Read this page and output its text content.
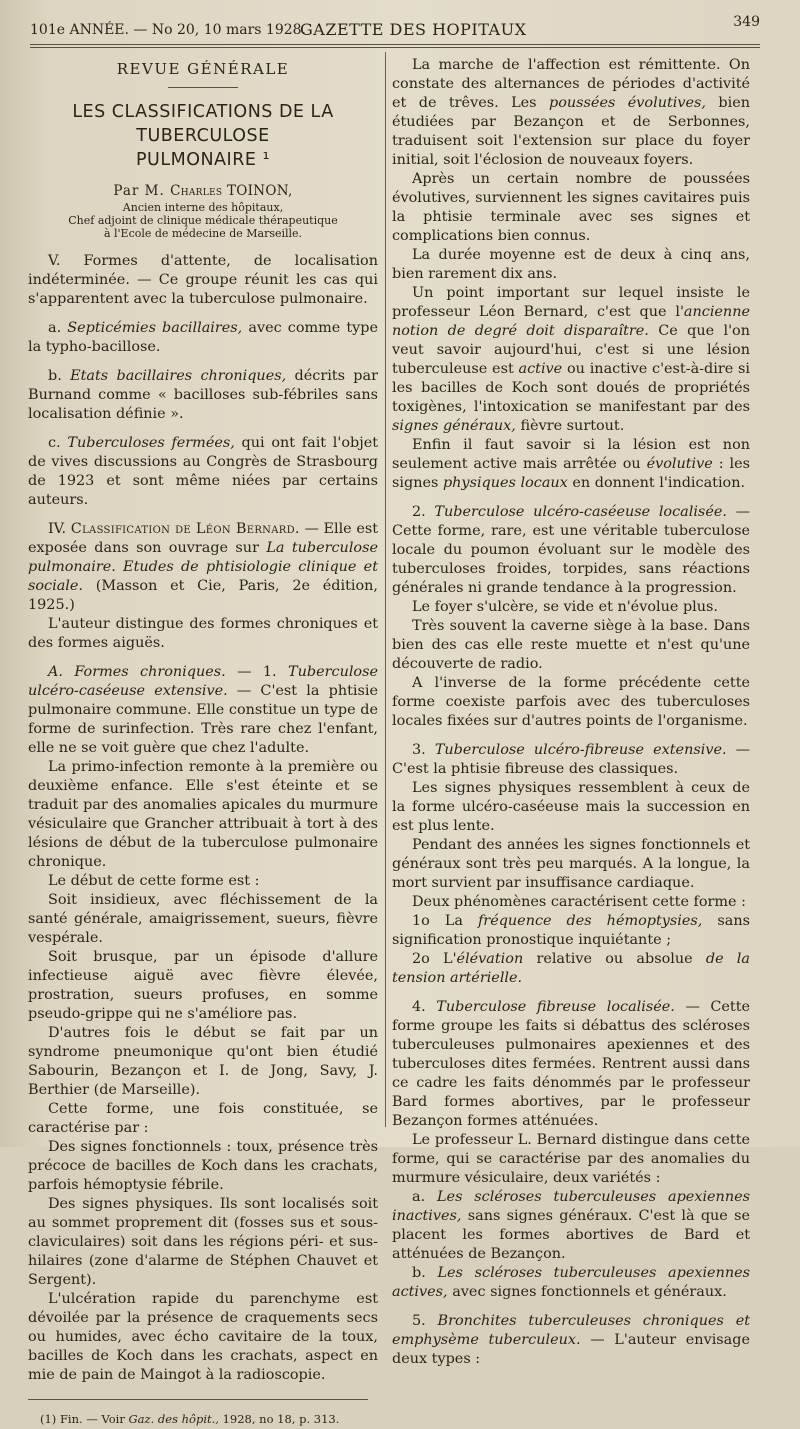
101e ANNÉE. — No 20, 10 mars 1928.
GAZETTE DES HOPITAUX	349

REVUE GÉNÉRALE

LES CLASSIFICATIONS DE LA TUBERCULOSE

PULMONAIRE ¹

Par M. Charles TOINON,

Ancien interne des hôpitaux,

Chef adjoint de clinique médicale thérapeutique

à l'Ecole de médecine de Marseille.

V. Formes d'attente, de localisation indéterminée. — Ce groupe réunit les cas qui s'apparentent avec la tuberculose pulmonaire.

a. Septicémies bacillaires, avec comme type la typho-bacillose.

b. Etats bacillaires chroniques, décrits par Burnand comme « bacilloses sub-fébriles sans localisation définie ».

c. Tuberculoses fermées, qui ont fait l'objet de vives discussions au Congrès de Strasbourg de 1923 et sont même niées par certains auteurs.

IV. Classification de Léon Bernard. — Elle est exposée dans son ouvrage sur La tuberculose pulmonaire. Etudes de phtisiologie clinique et sociale. (Masson et Cie, Paris, 2e édition, 1925.)

L'auteur distingue des formes chroniques et des formes aiguës.

A. Formes chroniques. — 1. Tuberculose ulcéro-caséeuse extensive. — C'est la phtisie pulmonaire commune. Elle constitue un type de forme de surinfection. Très rare chez l'enfant, elle ne se voit guère que chez l'adulte.

La primo-infection remonte à la première ou deuxième enfance. Elle s'est éteinte et se traduit par des anomalies apicales du murmure vésiculaire que Grancher attribuait à tort à des lésions de début de la tuberculose pulmonaire chronique.

Le début de cette forme est :

Soit insidieux, avec fléchissement de la santé générale, amaigrissement, sueurs, fièvre vespérale.

Soit brusque, par un épisode d'allure infectieuse aiguë avec fièvre élevée, prostration, sueurs profuses, en somme pseudo-grippe qui ne s'améliore pas.

D'autres fois le début se fait par un syndrome pneumonique qu'ont bien étudié Sabourin, Bezançon et I. de Jong, Savy, J. Berthier (de Marseille).

Cette forme, une fois constituée, se caractérise par :

Des signes fonctionnels : toux, présence très précoce de bacilles de Koch dans les crachats, parfois hémoptysie fébrile.

Des signes physiques. Ils sont localisés soit au sommet proprement dit (fosses sus et sous-claviculaires) soit dans les régions péri- et sus-hilaires (zone d'alarme de Stéphen Chauvet et Sergent).

L'ulcération rapide du parenchyme est dévoilée par la présence de craquements secs ou humides, avec écho cavitaire de la toux, bacilles de Koch dans les crachats, aspect en mie de pain de Maingot à la radioscopie.

(1) Fin. — Voir Gaz. des hôpit., 1928, no 18, p. 313.

La marche de l'affection est rémittente. On constate des alternances de périodes d'activité et de trêves. Les poussées évolutives, bien étudiées par Bezançon et de Serbonnes, traduisent soit l'extension sur place du foyer initial, soit l'éclosion de nouveaux foyers.

Après un certain nombre de poussées évolutives, surviennent les signes cavitaires puis la phtisie terminale avec ses signes et complications bien connus.

La durée moyenne est de deux à cinq ans, bien rarement dix ans.

Un point important sur lequel insiste le professeur Léon Bernard, c'est que l'ancienne notion de degré doit disparaître. Ce que l'on veut savoir aujourd'hui, c'est si une lésion tuberculeuse est active ou inactive c'est-à-dire si les bacilles de Koch sont doués de propriétés toxigènes, l'intoxication se manifestant par des signes généraux, fièvre surtout.

Enfin il faut savoir si la lésion est non seulement active mais arrêtée ou évolutive : les signes physiques locaux en donnent l'indication.

2. Tuberculose ulcéro-caséeuse localisée. — Cette forme, rare, est une véritable tuberculose locale du poumon évoluant sur le modèle des tuberculoses froides, torpides, sans réactions générales ni grande tendance à la progression.

Le foyer s'ulcère, se vide et n'évolue plus.

Très souvent la caverne siège à la base. Dans bien des cas elle reste muette et n'est qu'une découverte de radio.

A l'inverse de la forme précédente cette forme coexiste parfois avec des tuberculoses locales fixées sur d'autres points de l'organisme.

3. Tuberculose ulcéro-fibreuse extensive. — C'est la phtisie fibreuse des classiques.

Les signes physiques ressemblent à ceux de la forme ulcéro-caséeuse mais la succession en est plus lente.

Pendant des années les signes fonctionnels et généraux sont très peu marqués. A la longue, la mort survient par insuffisance cardiaque.

Deux phénomènes caractérisent cette forme :

1o La fréquence des hémoptysies, sans signification pronostique inquiétante ;

2o L'élévation relative ou absolue de la tension artérielle.

4. Tuberculose fibreuse localisée. — Cette forme groupe les faits si débattus des scléroses tuberculeuses pulmonaires apexiennes et des tuberculoses dites fermées. Rentrent aussi dans ce cadre les faits dénommés par le professeur Bard formes abortives, par le professeur Bezançon formes atténuées.

Le professeur L. Bernard distingue dans cette forme, qui se caractérise par des anomalies du murmure vésiculaire, deux variétés :

a. Les scléroses tuberculeuses apexiennes inactives, sans signes généraux. C'est là que se placent les formes abortives de Bard et atténuées de Bezançon.

b. Les scléroses tuberculeuses apexiennes actives, avec signes fonctionnels et généraux.

5. Bronchites tuberculeuses chroniques et emphysème tuberculeux. — L'auteur envisage deux types :
